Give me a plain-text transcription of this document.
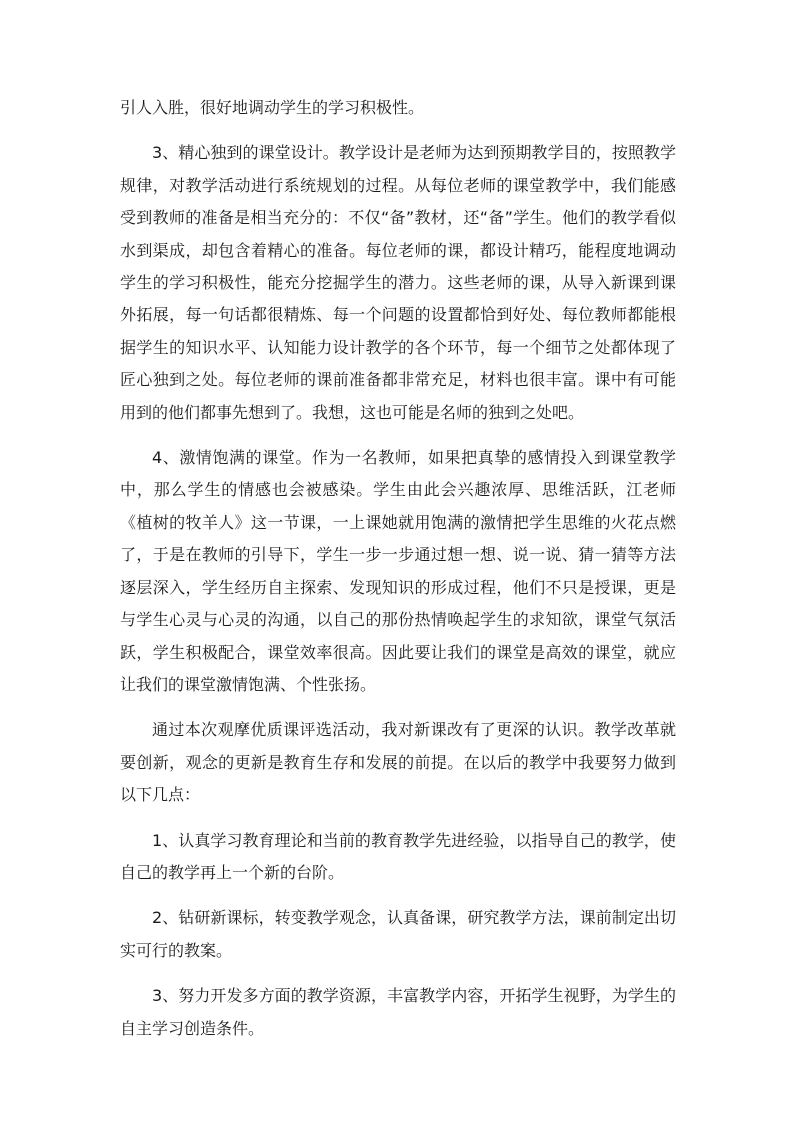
引人入胜，很好地调动学生的学习积极性。

3、精心独到的课堂设计。教学设计是老师为达到预期教学目的，按照教学规律，对教学活动进行系统规划的过程。从每位老师的课堂教学中，我们能感受到教师的准备是相当充分的：不仅“备”教材，还“备”学生。他们的教学看似水到渠成，却包含着精心的准备。每位老师的课，都设计精巧，能程度地调动学生的学习积极性，能充分挖掘学生的潜力。这些老师的课，从导入新课到课外拓展，每一句话都很精炼、每一个问题的设置都恰到好处、每位教师都能根据学生的知识水平、认知能力设计教学的各个环节，每一个细节之处都体现了匠心独到之处。每位老师的课前准备都非常充足，材料也很丰富。课中有可能用到的他们都事先想到了。我想，这也可能是名师的独到之处吧。

4、激情饱满的课堂。作为一名教师，如果把真挚的感情投入到课堂教学中，那么学生的情感也会被感染。学生由此会兴趣浓厚、思维活跃，江老师《植树的牧羊人》这一节课，一上课她就用饱满的激情把学生思维的火花点燃了，于是在教师的引导下，学生一步一步通过想一想、说一说、猜一猜等方法逐层深入，学生经历自主探索、发现知识的形成过程，他们不只是授课，更是与学生心灵与心灵的沟通，以自己的那份热情唤起学生的求知欲，课堂气氛活跃，学生积极配合，课堂效率很高。因此要让我们的课堂是高效的课堂，就应让我们的课堂激情饱满、个性张扬。

通过本次观摩优质课评选活动，我对新课改有了更深的认识。教学改革就要创新，观念的更新是教育生存和发展的前提。在以后的教学中我要努力做到以下几点：

1、认真学习教育理论和当前的教育教学先进经验，以指导自己的教学，使自己的教学再上一个新的台阶。

2、钻研新课标，转变教学观念，认真备课，研究教学方法，课前制定出切实可行的教案。

3、努力开发多方面的教学资源，丰富教学内容，开拓学生视野，为学生的自主学习创造条件。
